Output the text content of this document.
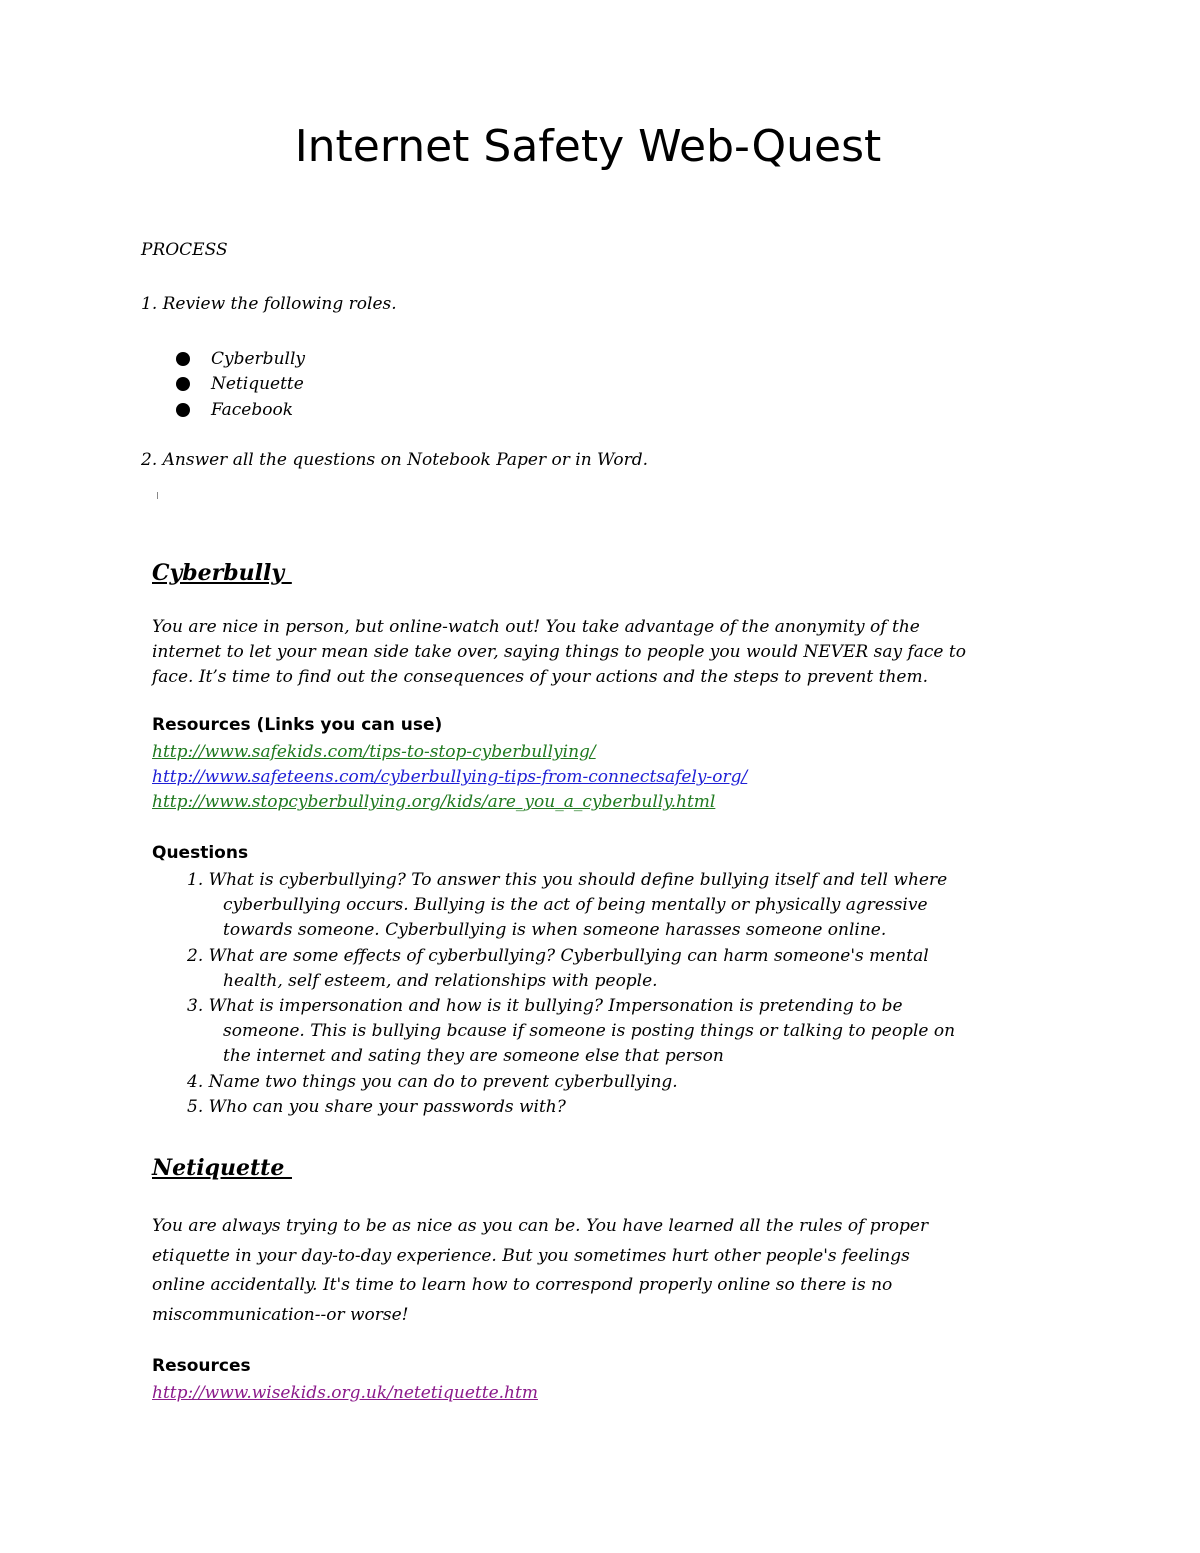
Internet Safety Web-Quest
PROCESS
1. Review the following roles.
Cyberbully
Netiquette
Facebook
2. Answer all the questions on Notebook Paper or in Word.
Cyberbully
You are nice in person, but online-watch out! You take advantage of the anonymity of the
internet to let your mean side take over, saying things to people you would NEVER say face to
face. It’s time to find out the consequences of your actions and the steps to prevent them.
Resources (Links you can use)
http://www.safekids.com/tips-to-stop-cyberbullying/
http://www.safeteens.com/cyberbullying-tips-from-connectsafely-org/
http://www.stopcyberbullying.org/kids/are_you_a_cyberbully.html
Questions
1. What is cyberbullying? To answer this you should define bullying itself and tell where
cyberbullying occurs. Bullying is the act of being mentally or physically agressive
towards someone. Cyberbullying is when someone harasses someone online.
2. What are some effects of cyberbullying? Cyberbullying can harm someone's mental
health, self esteem, and relationships with people.
3. What is impersonation and how is it bullying? Impersonation is pretending to be
someone. This is bullying bcause if someone is posting things or talking to people on
the internet and sating they are someone else that person
4. Name two things you can do to prevent cyberbullying.
5. Who can you share your passwords with?
Netiquette
You are always trying to be as nice as you can be. You have learned all the rules of proper
etiquette in your day-to-day experience. But you sometimes hurt other people's feelings
online accidentally. It's time to learn how to correspond properly online so there is no
miscommunication--or worse!
Resources
http://www.wisekids.org.uk/netetiquette.htm
